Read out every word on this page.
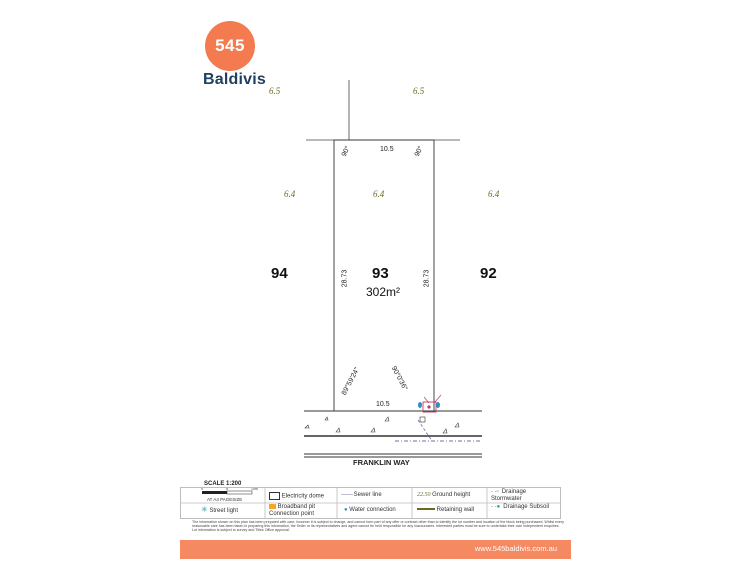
545
Baldivis
6.5	6.5
6.4	6.4	6.4
94	93	92
302m²
10.5
10.5
28.73	28.73
90°	90°
89°59'24"	90°0'36"
FRANKLIN WAY
SCALE 1:200
0	5	10m
AT A4 PAGESIZE
✳ Street light
Electricity dome
Broadband pit Connection point
—·— Sewer line
● Water connection
22.50 Ground height
Retaining wall
- -▫ Drainage Stormwater
- -● Drainage Subsoil
The information shown on this plan has been prepared with care, however it is subject to change, and cannot form part of any offer or contract other than to identify the lot number and location of the block being purchased. Whilst every reasonable care has been taken in preparing this information, the Seller or its representatives and agent cannot be held responsible for any inaccuracies. Interested parties must be sure to undertake their own independent enquiries. Lot information is subject to survey and Titles Office approval.
www.545baldivis.com.au
